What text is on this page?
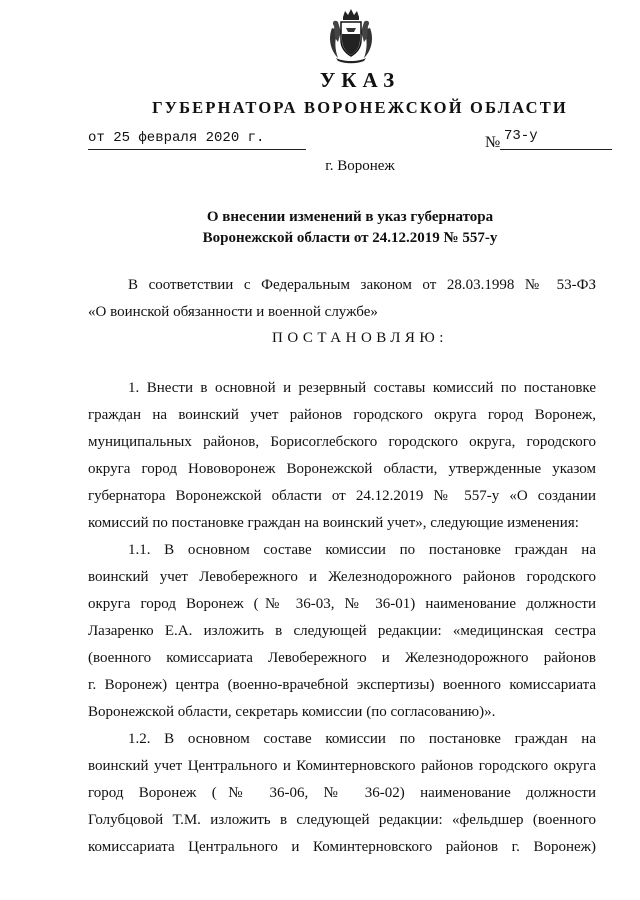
УКАЗ
ГУБЕРНАТОРА ВОРОНЕЖСКОЙ ОБЛАСТИ
от 25 февраля 2020 г.	№ 73-у
г. Воронеж
О внесении изменений в указ губернатора
Воронежской области от 24.12.2019 № 557-у
В соответствии с Федеральным законом от 28.03.1998 № 53-ФЗ
«О воинской обязанности и военной службе»
ПОСТАНОВЛЯЮ:
1. Внести в основной и резервный составы комиссий по постановке
граждан на воинский учет районов городского округа город Воронеж,
муниципальных районов, Борисоглебского городского округа, городского
округа город Нововоронеж Воронежской области, утвержденные указом
губернатора Воронежской области от 24.12.2019 № 557-у «О создании
комиссий по постановке граждан на воинский учет», следующие изменения:
1.1. В основном составе комиссии по постановке граждан на
воинский учет Левобережного и Железнодорожного районов городского
округа город Воронеж (№ 36-03, № 36-01) наименование должности
Лазаренко Е.А. изложить в следующей редакции: «медицинская сестра
(военного комиссариата Левобережного и Железнодорожного районов
г. Воронеж) центра (военно-врачебной экспертизы) военного комиссариата
Воронежской области, секретарь комиссии (по согласованию)».
1.2. В основном составе комиссии по постановке граждан на
воинский учет Центрального и Коминтерновского районов городского округа
город Воронеж (№ 36-06, № 36-02) наименование должности
Голубцовой Т.М. изложить в следующей редакции: «фельдшер (военного
комиссариата Центрального и Коминтерновского районов г. Воронеж)
